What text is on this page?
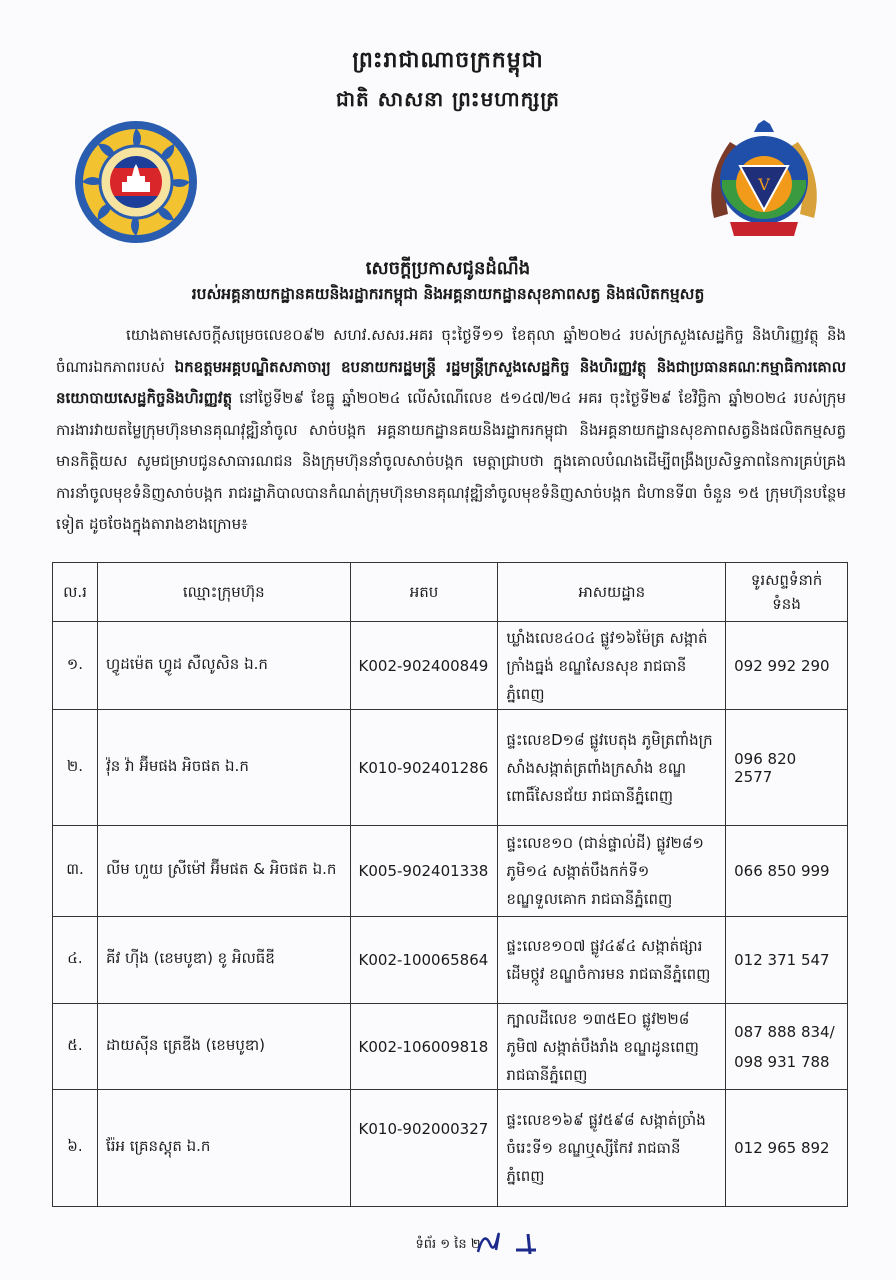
ព្រះរាជាណាចក្រកម្ពុជា
ជាតិ សាសនា ព្រះមហាក្សត្រ
V
សេចក្តីប្រកាសជូនដំណឹង
របស់អគ្គនាយកដ្ឋានគយនិងរដ្ឋាករកម្ពុជា និងអគ្គនាយកដ្ឋានសុខភាពសត្វ និងផលិតកម្មសត្វ
យោងតាមសេចក្តីសម្រេចលេខ០៩២ សហវ.សសរ.អគរ ចុះថ្ងៃទី១១ ខែតុលា ឆ្នាំ២០២៤ របស់ក្រសួងសេដ្ឋកិច្ច និងហិរញ្ញវត្ថុ និងចំណារឯកភាពរបស់ ឯកឧត្តមអគ្គបណ្ឌិតសភាចារ្យ ឧបនាយករដ្ឋមន្ត្រី រដ្ឋមន្ត្រីក្រសួងសេដ្ឋកិច្ច និងហិរញ្ញវត្ថុ និងជាប្រធានគណៈកម្មាធិការគោលនយោបាយសេដ្ឋកិច្ចនិងហិរញ្ញវត្ថុ នៅថ្ងៃទី២៩ ខែធ្នូ ឆ្នាំ២០២៤ លើសំណើលេខ ៥១៤៧/២៤ អគរ ចុះថ្ងៃទី២៩ ខែវិច្ឆិកា ឆ្នាំ២០២៤ របស់ក្រុមការងារវាយតម្លៃក្រុមហ៊ុនមានគុណវុឌ្ឍិនាំចូល សាច់បង្កក អគ្គនាយកដ្ឋានគយនិងរដ្ឋាករកម្ពុជា និងអគ្គនាយកដ្ឋានសុខភាពសត្វនិងផលិតកម្មសត្វ មានកិត្តិយស សូមជម្រាបជូនសាធារណជន និងក្រុមហ៊ុននាំចូលសាច់បង្កក មេត្តាជ្រាបថា ក្នុងគោលបំណងដើម្បីពង្រឹងប្រសិទ្ធភាពនៃការគ្រប់គ្រងការនាំចូលមុខទំនិញសាច់បង្កក រាជរដ្ឋាភិបាលបានកំណត់ក្រុមហ៊ុនមានគុណវុឌ្ឍិនាំចូលមុខទំនិញសាច់បង្កក ជំហានទី៣ ចំនួន ១៥ ក្រុមហ៊ុនបន្ថែមទៀត ដូចចែងក្នុងតារាងខាងក្រោម៖
ល.រ	ឈ្មោះក្រុមហ៊ុន	អតប	អាសយដ្ឋាន	ទូរសព្ទទំនាក់
ទំនង
១.	ហ្វូដម៉េត ហ្វូដ សឺលូសិន ឯ.ក	K002-902400849	ឃ្លាំងលេខ៤០៤ ផ្លូវ១៦ម៉ែត្រ សង្កាត់ក្រាំងធ្នង់ ខណ្ឌសែនសុខ រាជធានីភ្នំពេញ	092 992 290
២.	វ៉ុន វ៉ា អ៊ីមផង អិចផត ឯ.ក	K010-902401286	ផ្ទះលេខD១៨ ផ្លូវបេតុង ភូមិត្រពាំងក្រសាំងសង្កាត់ត្រពាំងក្រសាំង ខណ្ឌពោធិ៍សែនជ័យ រាជធានីភ្នំពេញ	096 820 2577
៣.	លីម ហួយ ស្រីម៉ៅ អ៊ីមផត & អិចផត ឯ.ក	K005-902401338	ផ្ទះលេខ១០ (ជាន់ផ្ទាល់ដី) ផ្លូវ២៨១ ភូមិ១៤ សង្កាត់បឹងកក់ទី១ ខណ្ឌទួលគោក រាជធានីភ្នំពេញ	066 850 999
៤.	គីវ ហ៊ីង (ខេមបូឌា) ខូ អិលធីឌី	K002-100065864	ផ្ទះលេខ១០៧ ផ្លូវ៤៩៤ សង្កាត់ផ្សារដើមថ្កូវ ខណ្ឌចំការមន រាជធានីភ្នំពេញ	012 371 547
៥.	ដាយស៊ីន ត្រេឌីង (ខេមបូឌា)	K002-106009818	ក្បាលដីលេខ ១៣៥E០ ផ្លូវ២២៨ ភូមិ៧ សង្កាត់បឹងរាំង ខណ្ឌដូនពេញ រាជធានីភ្នំពេញ	087 888 834/
098 931 788
៦.	រ៉ែអ គ្រេនស្តុត ឯ.ក	K010-902000327	ផ្ទះលេខ១៦៩ ផ្លូវ៥៩៨ សង្កាត់ច្រាំងចំរេះទី១ ខណ្ឌឬស្សីកែវ រាជធានីភ្នំពេញ	012 965 892
ទំព័រ ១ នៃ ២
